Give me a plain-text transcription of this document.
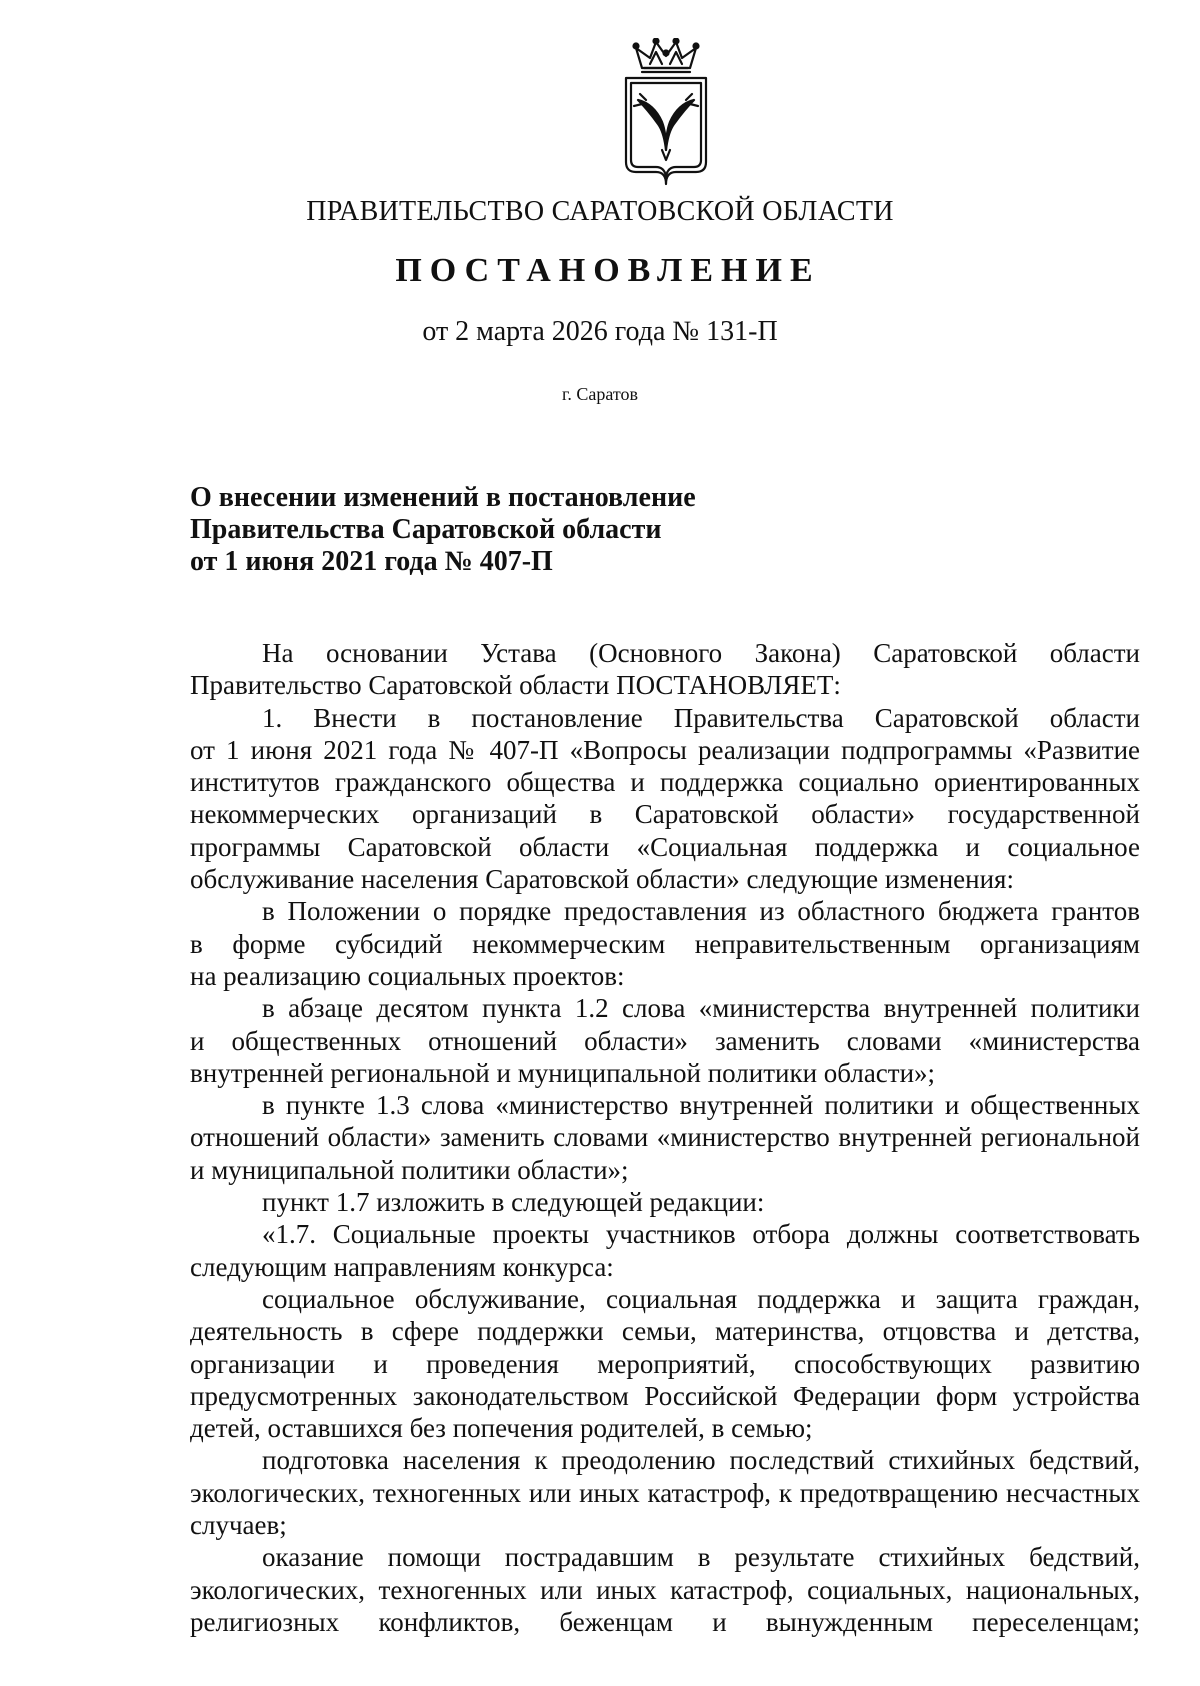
ПРАВИТЕЛЬСТВО САРАТОВСКОЙ ОБЛАСТИ
ПОСТАНОВЛЕНИЕ
от 2 марта 2026 года № 131-П
г. Саратов
О внесении изменений в постановление
Правительства Саратовской области
от 1 июня 2021 года № 407-П
На основании Устава (Основного Закона) Саратовской области
Правительство Саратовской области ПОСТАНОВЛЯЕТ:
1. Внести в постановление Правительства Саратовской области
от 1 июня 2021 года № 407-П «Вопросы реализации подпрограммы «Развитие
институтов гражданского общества и поддержка социально ориентированных
некоммерческих организаций в Саратовской области» государственной
программы Саратовской области «Социальная поддержка и социальное
обслуживание населения Саратовской области» следующие изменения:
в Положении о порядке предоставления из областного бюджета грантов
в форме субсидий некоммерческим неправительственным организациям
на реализацию социальных проектов:
в абзаце десятом пункта 1.2 слова «министерства внутренней политики
и общественных отношений области» заменить словами «министерства
внутренней региональной и муниципальной политики области»;
в пункте 1.3 слова «министерство внутренней политики и общественных
отношений области» заменить словами «министерство внутренней региональной
и муниципальной политики области»;
пункт 1.7 изложить в следующей редакции:
«1.7. Социальные проекты участников отбора должны соответствовать
следующим направлениям конкурса:
социальное обслуживание, социальная поддержка и защита граждан,
деятельность в сфере поддержки семьи, материнства, отцовства и детства,
организации и проведения мероприятий, способствующих развитию
предусмотренных законодательством Российской Федерации форм устройства
детей, оставшихся без попечения родителей, в семью;
подготовка населения к преодолению последствий стихийных бедствий,
экологических, техногенных или иных катастроф, к предотвращению несчастных
случаев;
оказание помощи пострадавшим в результате стихийных бедствий,
экологических, техногенных или иных катастроф, социальных, национальных,
религиозных конфликтов, беженцам и вынужденным переселенцам;
